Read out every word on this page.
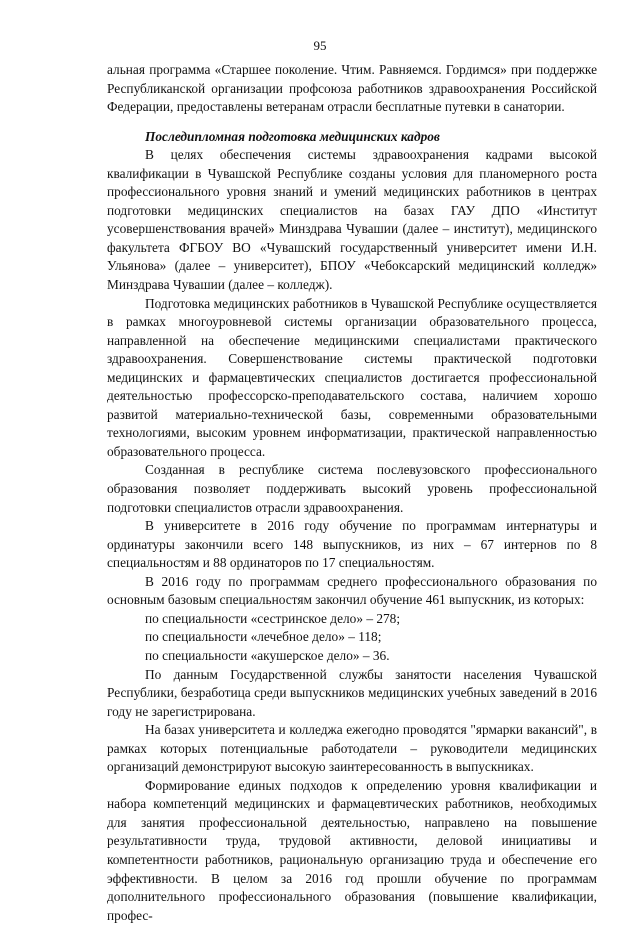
95

альная программа «Старшее поколение. Чтим. Равняемся. Гордимся» при поддержке Республиканской организации профсоюза работников здравоохранения Российской Федерации, предоставлены ветеранам отрасли бесплатные путевки в санатории.

Последипломная подготовка медицинских кадров

В целях обеспечения системы здравоохранения кадрами высокой квалификации в Чувашской Республике созданы условия для планомерного роста профессионального уровня знаний и умений медицинских работников в центрах подготовки медицинских специалистов на базах ГАУ ДПО «Институт усовершенствования врачей» Минздрава Чувашии (далее – институт), медицинского факультета ФГБОУ ВО «Чувашский государственный университет имени И.Н. Ульянова» (далее – университет), БПОУ «Чебоксарский медицинский колледж» Минздрава Чувашии (далее – колледж).

Подготовка медицинских работников в Чувашской Республике осуществляется в рамках многоуровневой системы организации образовательного процесса, направленной на обеспечение медицинскими специалистами практического здравоохранения. Совершенствование системы практической подготовки медицинских и фармацевтических специалистов достигается профессиональной деятельностью профессорско-преподавательского состава, наличием хорошо развитой материально-технической базы, современными образовательными технологиями, высоким уровнем информатизации, практической направленностью образовательного процесса.

Созданная в республике система послевузовского профессионального образования позволяет поддерживать высокий уровень профессиональной подготовки специалистов отрасли здравоохранения.

В университете в 2016 году обучение по программам интернатуры и ординатуры закончили всего 148 выпускников, из них – 67 интернов по 8 специальностям и 88 ординаторов по 17 специальностям.

В 2016 году по программам среднего профессионального образования по основным базовым специальностям закончил обучение 461 выпускник, из которых:

по специальности «сестринское дело» – 278;

по специальности «лечебное дело» – 118;

по специальности «акушерское дело» – 36.

По данным Государственной службы занятости населения Чувашской Республики, безработица среди выпускников медицинских учебных заведений в 2016 году не зарегистрирована.

На базах университета и колледжа ежегодно проводятся "ярмарки вакансий", в рамках которых потенциальные работодатели – руководители медицинских организаций демонстрируют высокую заинтересованность в выпускниках.

Формирование единых подходов к определению уровня квалификации и набора компетенций медицинских и фармацевтических работников, необходимых для занятия профессиональной деятельностью, направлено на повышение результативности труда, трудовой активности, деловой инициативы и компетентности работников, рациональную организацию труда и обеспечение его эффективности. В целом за 2016 год прошли обучение по программам дополнительного профессионального образования (повышение квалификации, профес-
